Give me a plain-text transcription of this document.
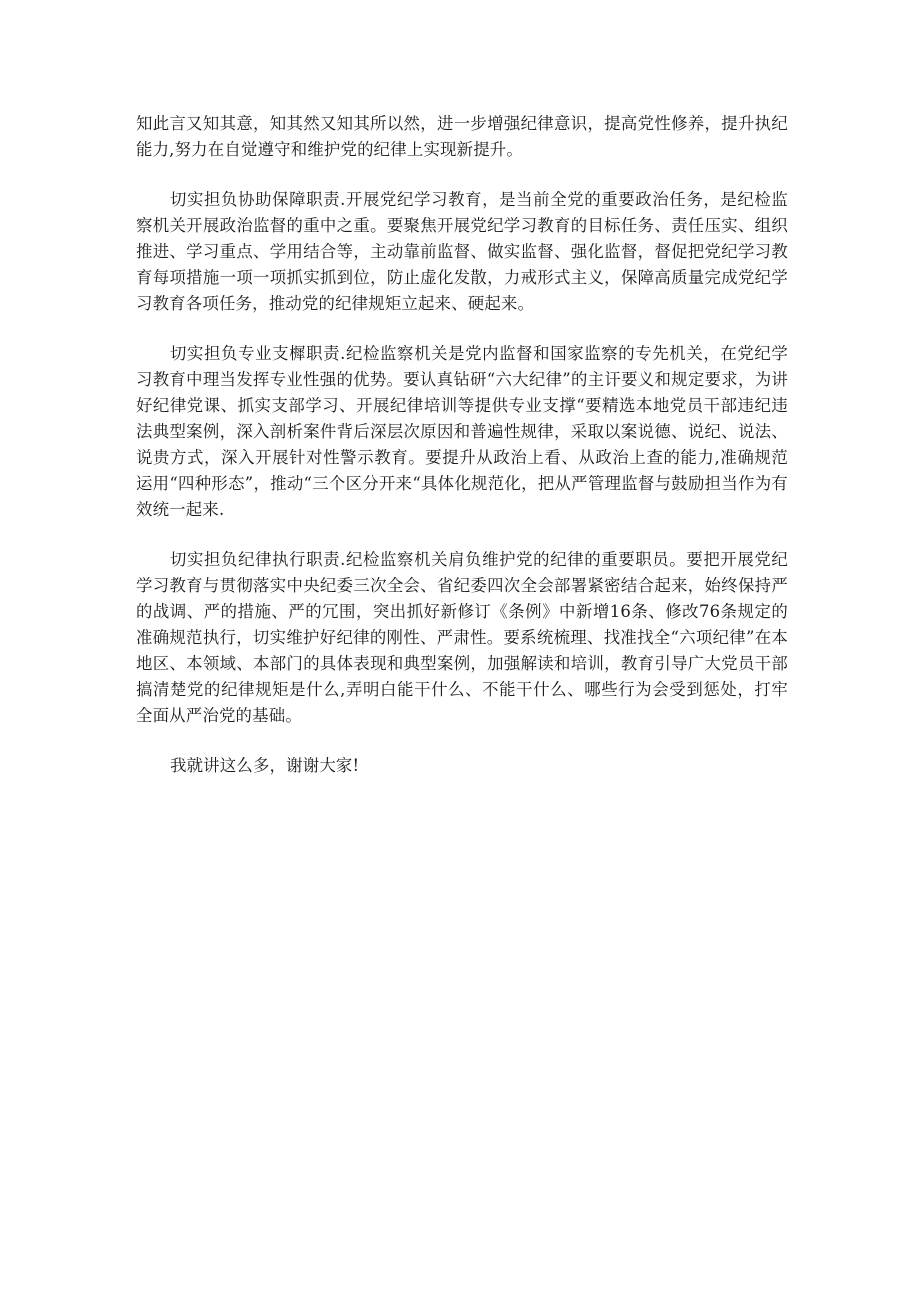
知此言又知其意，知其然又知其所以然，进一步增强纪律意识，提高党性修养，提升执纪能力,努力在自觉遵守和维护党的纪律上实现新提升。

切实担负协助保障职责.开展党纪学习教育，是当前全党的重要政治任务，是纪检监察机关开展政治监督的重中之重。要聚焦开展党纪学习教育的目标任务、责任压实、组织推进、学习重点、学用结合等，主动靠前监督、做实监督、强化监督，督促把党纪学习教育每项措施一项一项抓实抓到位，防止虚化发散，力戒形式主义，保障高质量完成党纪学习教育各项任务，推动党的纪律规矩立起来、硬起来。

切实担负专业支樨职责.纪检监察机关是党内监督和国家监察的专先机关，在党纪学习教育中理当发挥专业性强的优势。要认真钻研“六大纪律”的主讦要义和规定要求，为讲好纪律党课、抓实支部学习、开展纪律培训等提供专业支撑“要精选本地党员干部违纪违法典型案例，深入剖析案件背后深层次原因和普遍性规律，采取以案说德、说纪、说法、说贵方式，深入开展针对性警示教育。要提升从政治上看、从政治上查的能力,准确规范运用“四种形态”，推动“三个区分开来“具体化规范化，把从严管理监督与鼓励担当作为有效统一起来.

切实担负纪律执行职责.纪检监察机关肩负维护党的纪律的重要职员。要把开展党纪学习教育与贯彻落实中央纪委三次全会、省纪委四次全会部署紧密结合起来，始终保持严的战调、严的措施、严的冗围，突出抓好新修订《条例》中新增16条、修改76条规定的准确规范执行，切实维护好纪律的刚性、严肃性。要系统梳理、找准找全“六项纪律”在本地区、本领域、本部门的具体表现和典型案例，加强解读和培训，教育引导广大党员干部搞清楚党的纪律规矩是什么,弄明白能干什么、不能干什么、哪些行为会受到惩处，打牢全面从严治党的基础。

我就讲这么多，谢谢大家!
